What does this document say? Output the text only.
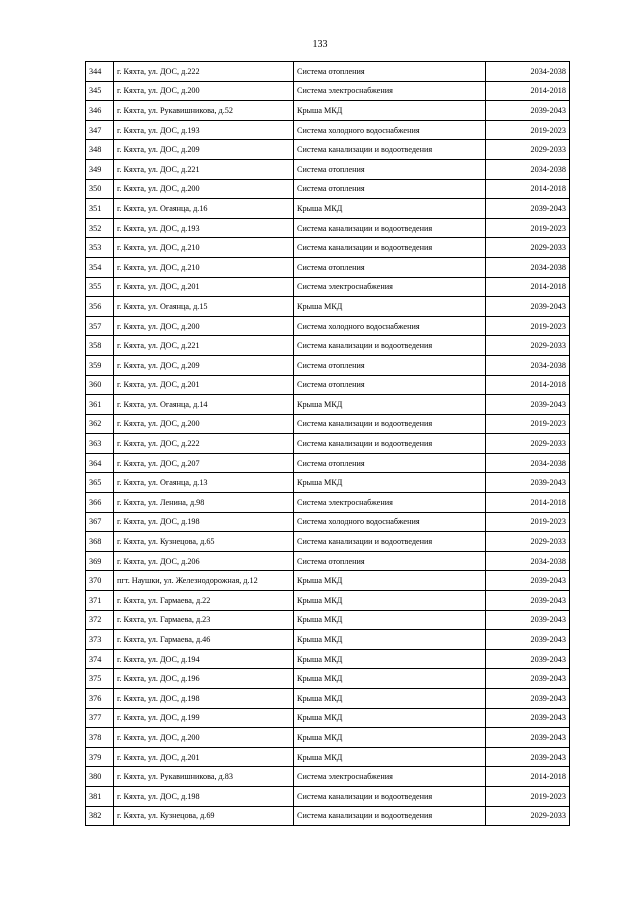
133
344	г. Кяхта, ул. ДОС, д.222	Система отопления	2034-2038
345	г. Кяхта, ул. ДОС, д.200	Система электроснабжения	2014-2018
346	г. Кяхта, ул. Рукавишникова, д.52	Крыша МКД	2039-2043
347	г. Кяхта, ул. ДОС, д.193	Система холодного водоснабжения	2019-2023
348	г. Кяхта, ул. ДОС, д.209	Система канализации и водоотведения	2029-2033
349	г. Кяхта, ул. ДОС, д.221	Система отопления	2034-2038
350	г. Кяхта, ул. ДОС, д.200	Система отопления	2014-2018
351	г. Кяхта, ул. Огаянца, д.16	Крыша МКД	2039-2043
352	г. Кяхта, ул. ДОС, д.193	Система канализации и водоотведения	2019-2023
353	г. Кяхта, ул. ДОС, д.210	Система канализации и водоотведения	2029-2033
354	г. Кяхта, ул. ДОС, д.210	Система отопления	2034-2038
355	г. Кяхта, ул. ДОС, д.201	Система электроснабжения	2014-2018
356	г. Кяхта, ул. Огаянца, д.15	Крыша МКД	2039-2043
357	г. Кяхта, ул. ДОС, д.200	Система холодного водоснабжения	2019-2023
358	г. Кяхта, ул. ДОС, д.221	Система канализации и водоотведения	2029-2033
359	г. Кяхта, ул. ДОС, д.209	Система отопления	2034-2038
360	г. Кяхта, ул. ДОС, д.201	Система отопления	2014-2018
361	г. Кяхта, ул. Огаянца, д.14	Крыша МКД	2039-2043
362	г. Кяхта, ул. ДОС, д.200	Система канализации и водоотведения	2019-2023
363	г. Кяхта, ул. ДОС, д.222	Система канализации и водоотведения	2029-2033
364	г. Кяхта, ул. ДОС, д.207	Система отопления	2034-2038
365	г. Кяхта, ул. Огаянца, д.13	Крыша МКД	2039-2043
366	г. Кяхта, ул. Ленина, д.98	Система электроснабжения	2014-2018
367	г. Кяхта, ул. ДОС, д.198	Система холодного водоснабжения	2019-2023
368	г. Кяхта, ул. Кузнецова, д.65	Система канализации и водоотведения	2029-2033
369	г. Кяхта, ул. ДОС, д.206	Система отопления	2034-2038
370	пгт. Наушки, ул. Железнодорожная, д.12	Крыша МКД	2039-2043
371	г. Кяхта, ул. Гармаева, д.22	Крыша МКД	2039-2043
372	г. Кяхта, ул. Гармаева, д.23	Крыша МКД	2039-2043
373	г. Кяхта, ул. Гармаева, д.46	Крыша МКД	2039-2043
374	г. Кяхта, ул. ДОС, д.194	Крыша МКД	2039-2043
375	г. Кяхта, ул. ДОС, д.196	Крыша МКД	2039-2043
376	г. Кяхта, ул. ДОС, д.198	Крыша МКД	2039-2043
377	г. Кяхта, ул. ДОС, д.199	Крыша МКД	2039-2043
378	г. Кяхта, ул. ДОС, д.200	Крыша МКД	2039-2043
379	г. Кяхта, ул. ДОС, д.201	Крыша МКД	2039-2043
380	г. Кяхта, ул. Рукавишникова, д.83	Система электроснабжения	2014-2018
381	г. Кяхта, ул. ДОС, д.198	Система канализации и водоотведения	2019-2023
382	г. Кяхта, ул. Кузнецова, д.69	Система канализации и водоотведения	2029-2033
